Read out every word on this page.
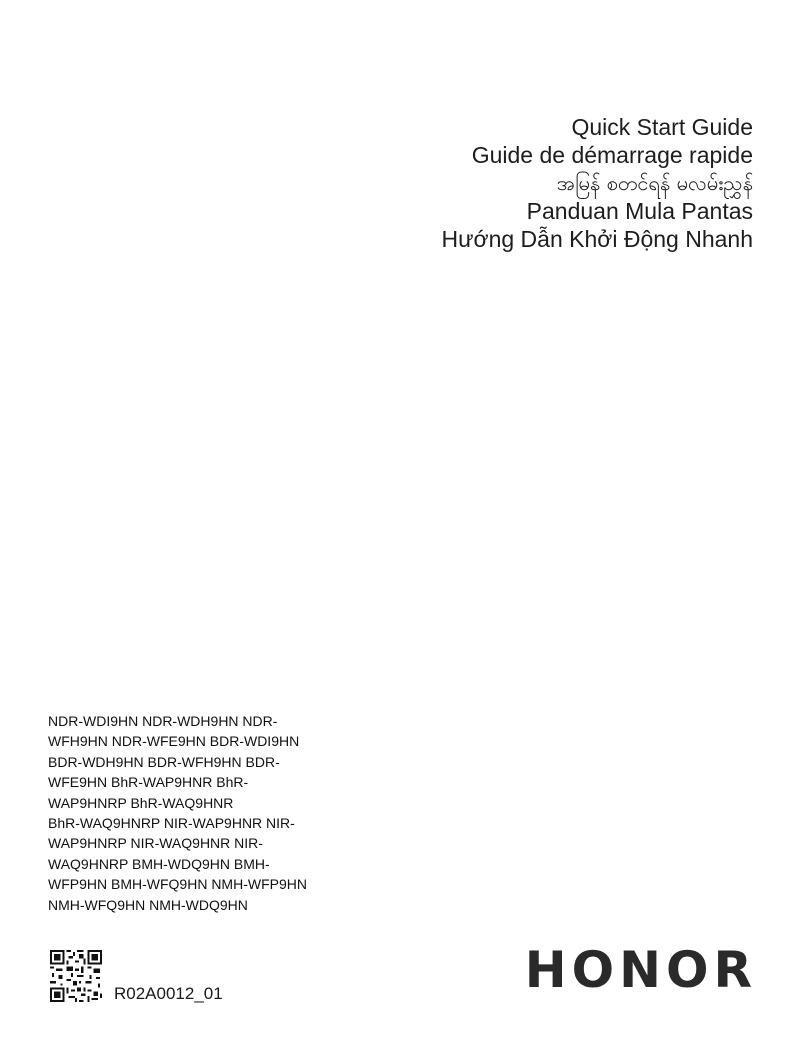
Quick Start Guide
Guide de démarrage rapide
အမြန် စတင်ရန် မလမ်းညွှန်
Panduan Mula Pantas
Hướng Dẫn Khởi Động Nhanh
NDR-WDI9HN NDR-WDH9HN NDR-
WFH9HN NDR-WFE9HN BDR-WDI9HN
BDR-WDH9HN BDR-WFH9HN BDR-
WFE9HN BhR-WAP9HNR BhR-
WAP9HNRP BhR-WAQ9HNR
BhR-WAQ9HNRP NIR-WAP9HNR NIR-
WAP9HNRP NIR-WAQ9HNR NIR-
WAQ9HNRP BMH-WDQ9HN BMH-
WFP9HN BMH-WFQ9HN NMH-WFP9HN
NMH-WFQ9HN NMH-WDQ9HN
R02A0012_01	HONOR
